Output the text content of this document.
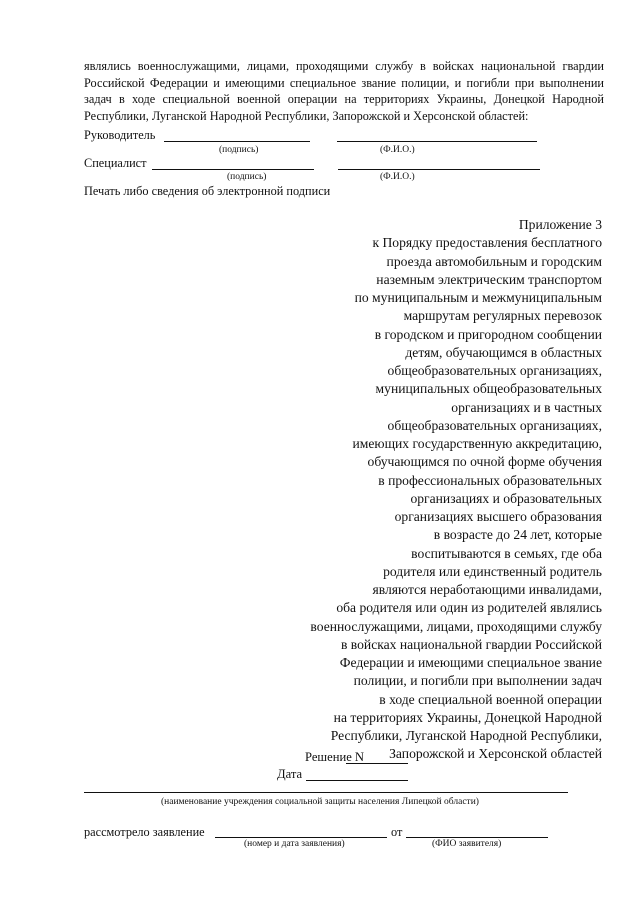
являлись военнослужащими, лицами, проходящими службу в войсках национальной гвардии Российской Федерации и имеющими специальное звание полиции, и погибли при выполнении задач в ходе специальной военной операции на территориях Украины, Донецкой Народной Республики, Луганской Народной Республики, Запорожской и Херсонской областей:
Руководитель
(подпись)	(Ф.И.О.)
Специалист
(подпись)	(Ф.И.О.)
Печать либо сведения об электронной подписи
Приложение 3
к Порядку предоставления бесплатного
проезда автомобильным и городским
наземным электрическим транспортом
по муниципальным и межмуниципальным
маршрутам регулярных перевозок
в городском и пригородном сообщении
детям, обучающимся в областных
общеобразовательных организациях,
муниципальных общеобразовательных
организациях и в частных
общеобразовательных организациях,
имеющих государственную аккредитацию,
обучающимся по очной форме обучения
в профессиональных образовательных
организациях и образовательных
организациях высшего образования
в возрасте до 24 лет, которые
воспитываются в семьях, где оба
родителя или единственный родитель
являются неработающими инвалидами,
оба родителя или один из родителей являлись
военнослужащими, лицами, проходящими службу
в войсках национальной гвардии Российской
Федерации и имеющими специальное звание
полиции, и погибли при выполнении задач
в ходе специальной военной операции
на территориях Украины, Донецкой Народной
Республики, Луганской Народной Республики,
Запорожской и Херсонской областей
Решение N
Дата
(наименование учреждения социальной защиты населения Липецкой области)
рассмотрело заявление	от
(номер и дата заявления)	(ФИО заявителя)
